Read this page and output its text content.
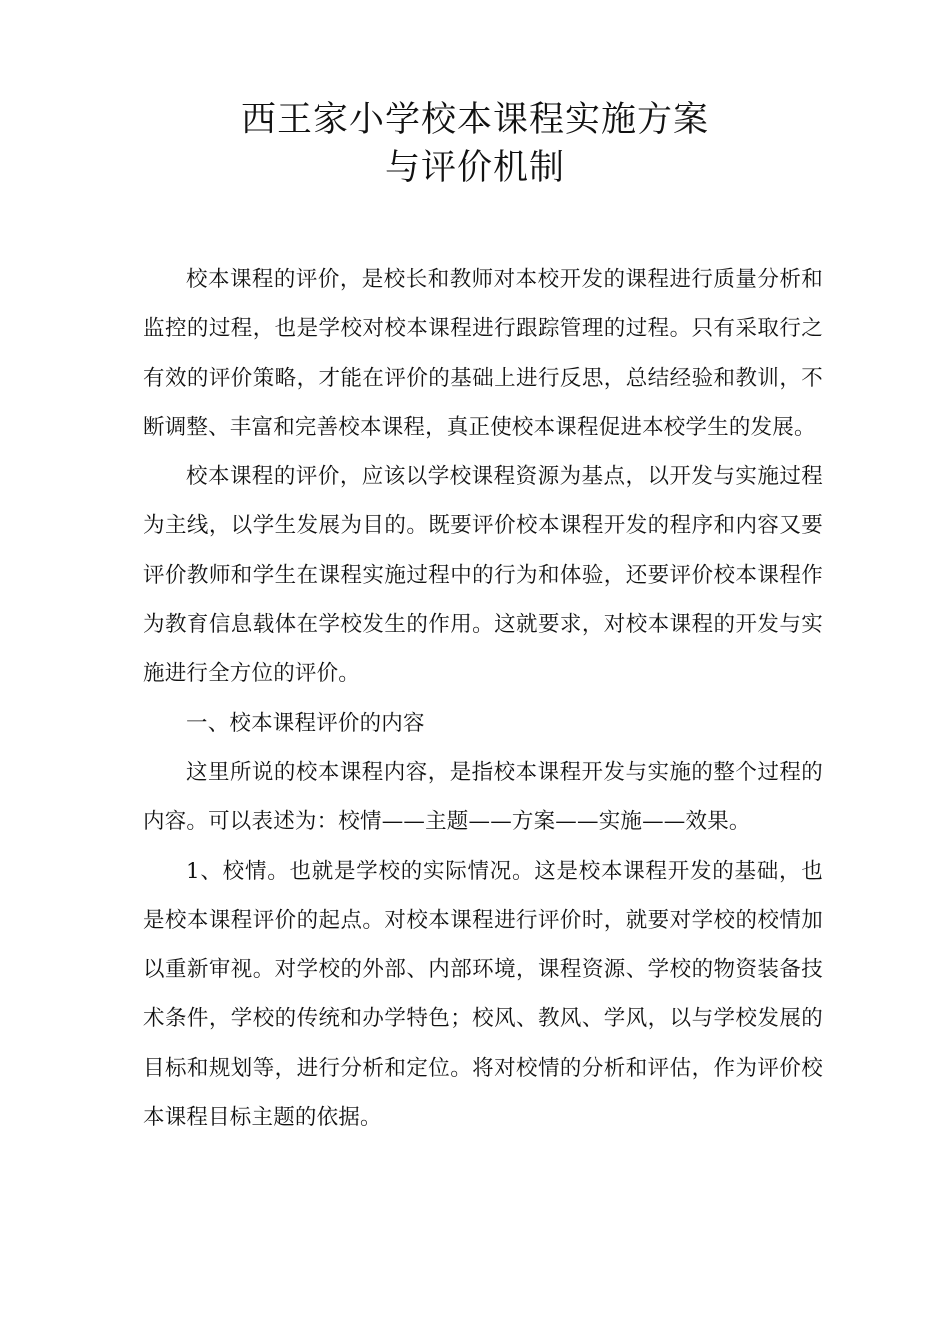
西王家小学校本课程实施方案
与评价机制

校本课程的评价，是校长和教师对本校开发的课程进行质量分析和监控的过程，也是学校对校本课程进行跟踪管理的过程。只有采取行之有效的评价策略，才能在评价的基础上进行反思，总结经验和教训，不断调整、丰富和完善校本课程，真正使校本课程促进本校学生的发展。

校本课程的评价，应该以学校课程资源为基点，以开发与实施过程为主线，以学生发展为目的。既要评价校本课程开发的程序和内容又要评价教师和学生在课程实施过程中的行为和体验，还要评价校本课程作为教育信息载体在学校发生的作用。这就要求，对校本课程的开发与实施进行全方位的评价。

一、校本课程评价的内容

这里所说的校本课程内容，是指校本课程开发与实施的整个过程的内容。可以表述为：校情——主题——方案——实施——效果。

1、校情。也就是学校的实际情况。这是校本课程开发的基础，也是校本课程评价的起点。对校本课程进行评价时，就要对学校的校情加以重新审视。对学校的外部、内部环境，课程资源、学校的物资装备技术条件，学校的传统和办学特色；校风、教风、学风，以与学校发展的目标和规划等，进行分析和定位。将对校情的分析和评估，作为评价校本课程目标主题的依据。
